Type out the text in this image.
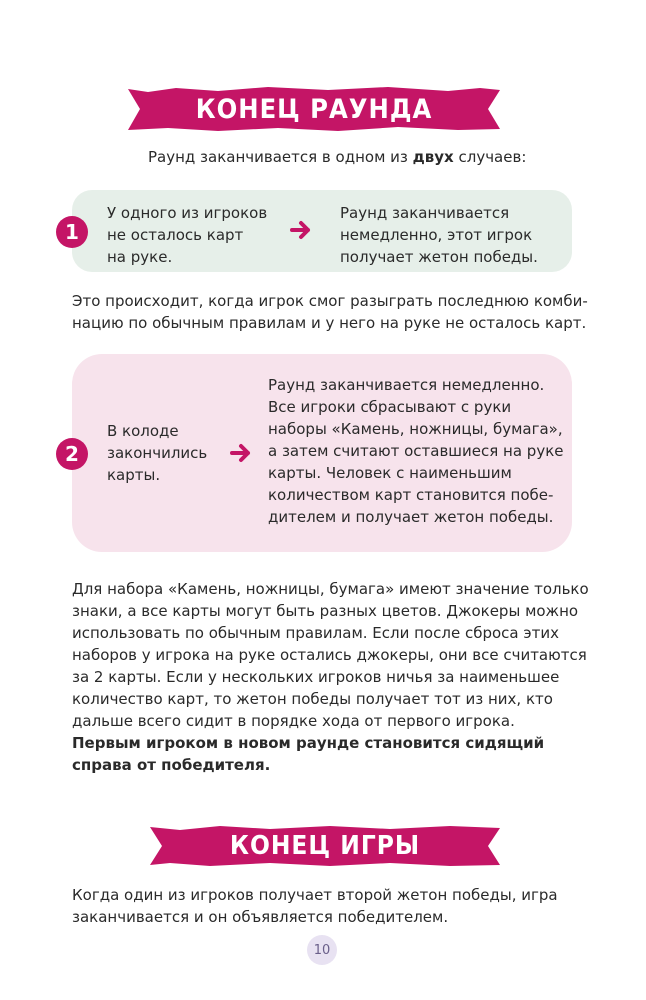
КОНЕЦ РАУНДА
Раунд заканчивается в одном из двух случаев:
1
У одного из игроков
не осталось карт
на руке.
Раунд заканчивается
немедленно, этот игрок
получает жетон победы.
Это происходит, когда игрок смог разыграть последнюю комби-
нацию по обычным правилам и у него на руке не осталось карт.
2
В колоде
закончились
карты.
Раунд заканчивается немедленно.
Все игроки сбрасывают с руки
наборы «Камень, ножницы, бумага»,
а затем считают оставшиеся на руке
карты. Человек с наименьшим
количеством карт становится побе-
дителем и получает жетон победы.
Для набора «Камень, ножницы, бумага» имеют значение только
знаки, а все карты могут быть разных цветов. Джокеры можно
использовать по обычным правилам. Если после сброса этих
наборов у игрока на руке остались джокеры, они все считаются
за 2 карты. Если у нескольких игроков ничья за наименьшее
количество карт, то жетон победы получает тот из них, кто
дальше всего сидит в порядке хода от первого игрока.
Первым игроком в новом раунде становится сидящий
справа от победителя.
КОНЕЦ ИГРЫ
Когда один из игроков получает второй жетон победы, игра
заканчивается и он объявляется победителем.
10
